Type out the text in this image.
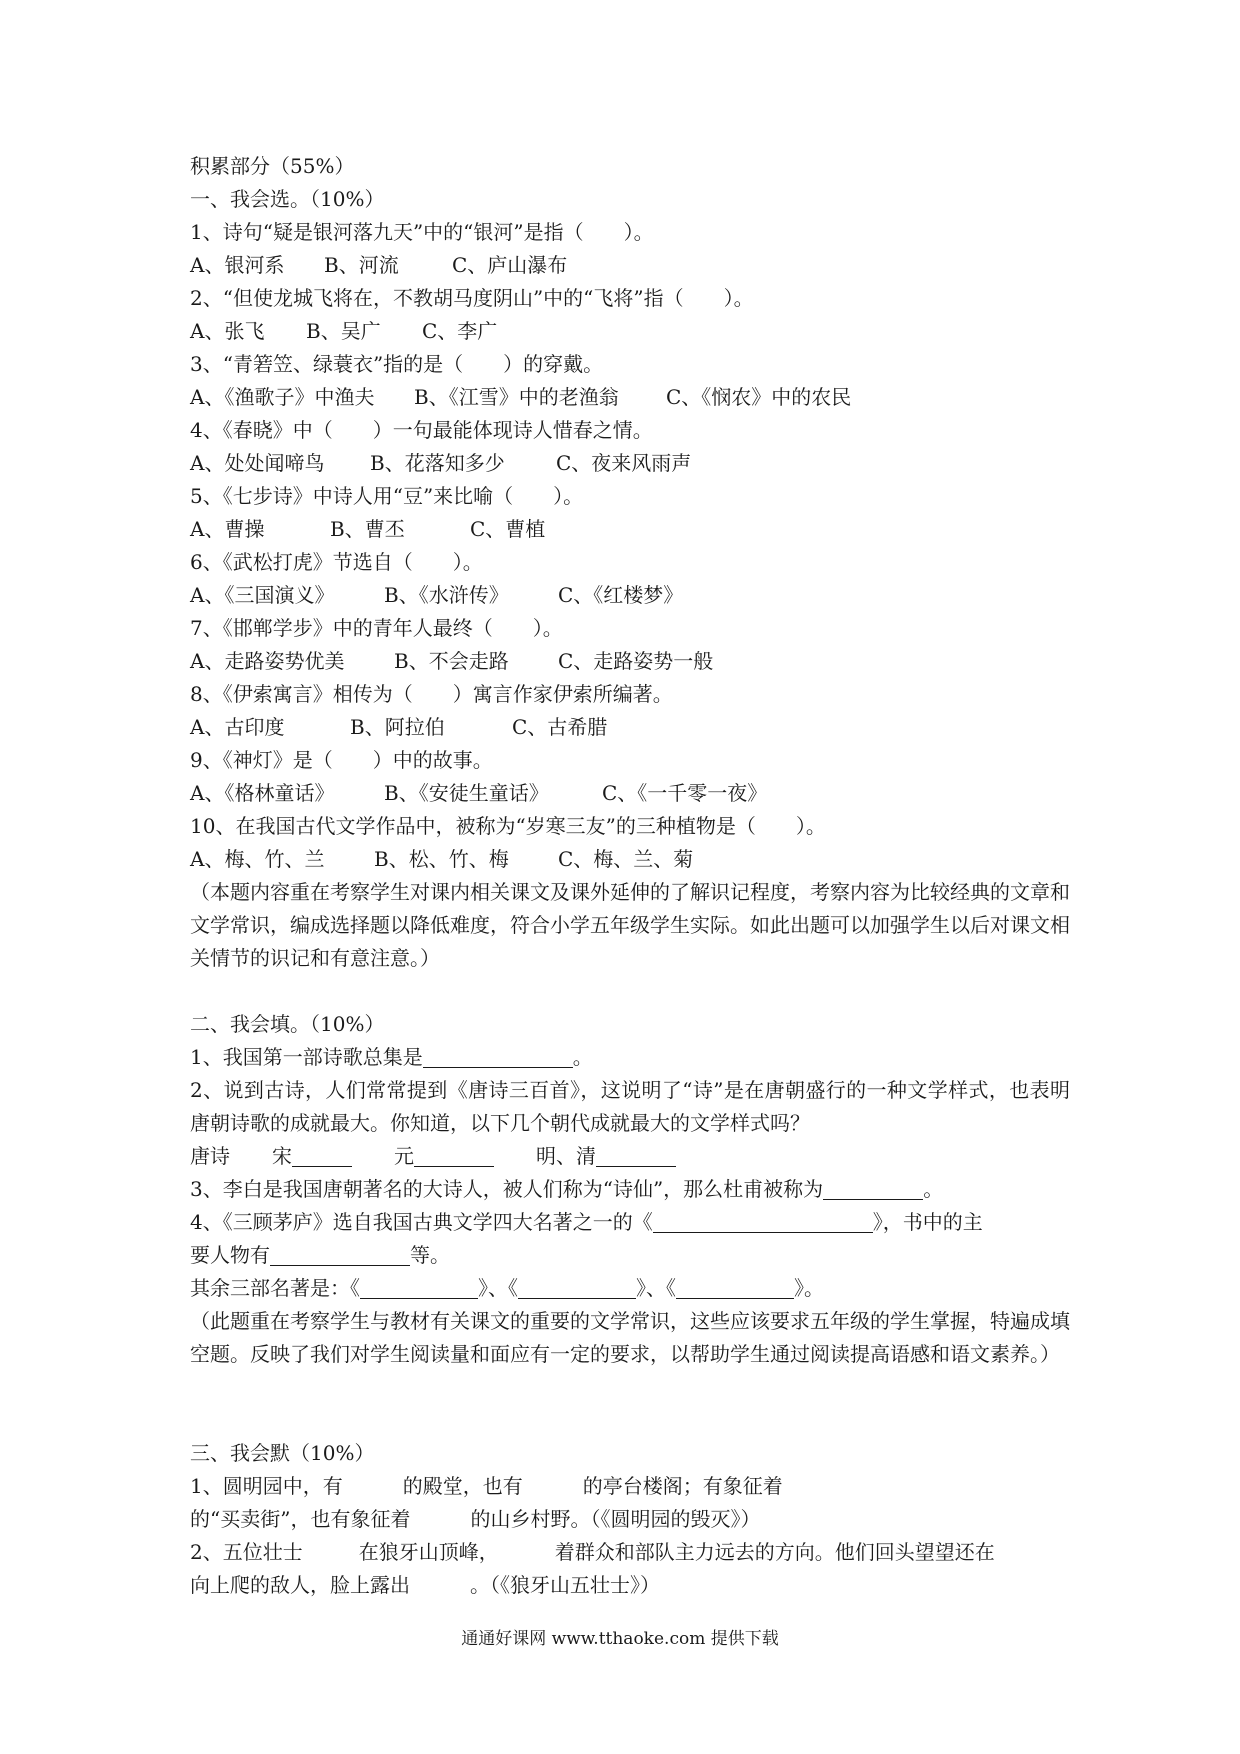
积累部分（55%）
一、我会选。（10%）
1、诗句“疑是银河落九天”中的“银河”是指（　　）。
A、银河系 B、河流	C、庐山瀑布
2、“但使龙城飞将在，不教胡马度阴山”中的“飞将”指（　　）。
A、张飞 B、吴广 C、李广
3、“青箬笠、绿蓑衣”指的是（　　）的穿戴。
A、《渔歌子》中渔夫 B、《江雪》中的老渔翁 C、《悯农》中的农民
4、《春晓》中（　　）一句最能体现诗人惜春之情。
A、处处闻啼鸟 B、花落知多少	C、夜来风雨声
5、《七步诗》中诗人用“豆”来比喻（　　）。
A、曹操	B、曹丕	C、曹植
6、《武松打虎》节选自（　　）。
A、《三国演义》 B、《水浒传》 C、《红楼梦》
7、《邯郸学步》中的青年人最终（　　）。
A、走路姿势优美 B、不会走路 C、走路姿势一般
8、《伊索寓言》相传为（　　）寓言作家伊索所编著。
A、古印度	B、阿拉伯	C、古希腊
9、《神灯》是（　　）中的故事。
A、《格林童话》 B、《安徒生童话》	C、《一千零一夜》
10、在我国古代文学作品中，被称为“岁寒三友”的三种植物是（　　）。
A、梅、竹、兰 B、松、竹、梅 C、梅、兰、菊
（本题内容重在考察学生对课内相关课文及课外延伸的了解识记程度，考察内容为比较经典的文章和文学常识，编成选择题以降低难度，符合小学五年级学生实际。如此出题可以加强学生以后对课文相关情节的识记和有意注意。）
二、我会填。（10%）
1、我国第一部诗歌总集是	。
2、说到古诗，人们常常提到《唐诗三百首》，这说明了“诗”是在唐朝盛行的一种文学样式，也表明唐朝诗歌的成就最大。你知道，以下几个朝代成就最大的文学样式吗？
唐诗 宋	元	明、清
3、李白是我国唐朝著名的大诗人，被人们称为“诗仙”，那么杜甫被称为	。
4、《三顾茅庐》选自我国古典文学四大名著之一的《	》，书中的主
要人物有	等。
其余三部名著是：《	》、《	》、《	》。
（此题重在考察学生与教材有关课文的重要的文学常识，这些应该要求五年级的学生掌握，特遍成填空题。反映了我们对学生阅读量和面应有一定的要求，以帮助学生通过阅读提高语感和语文素养。）
三、我会默（10%）
1、圆明园中，有	的殿堂，也有	的亭台楼阁；有象征着
的“买卖街”，也有象征着	的山乡村野。（《圆明园的毁灭》）
2、五位壮士	在狼牙山顶峰，	着群众和部队主力远去的方向。他们回头望望还在
向上爬的敌人，脸上露出	。（《狼牙山五壮士》）
通通好课网 www.tthaoke.com 提供下载
